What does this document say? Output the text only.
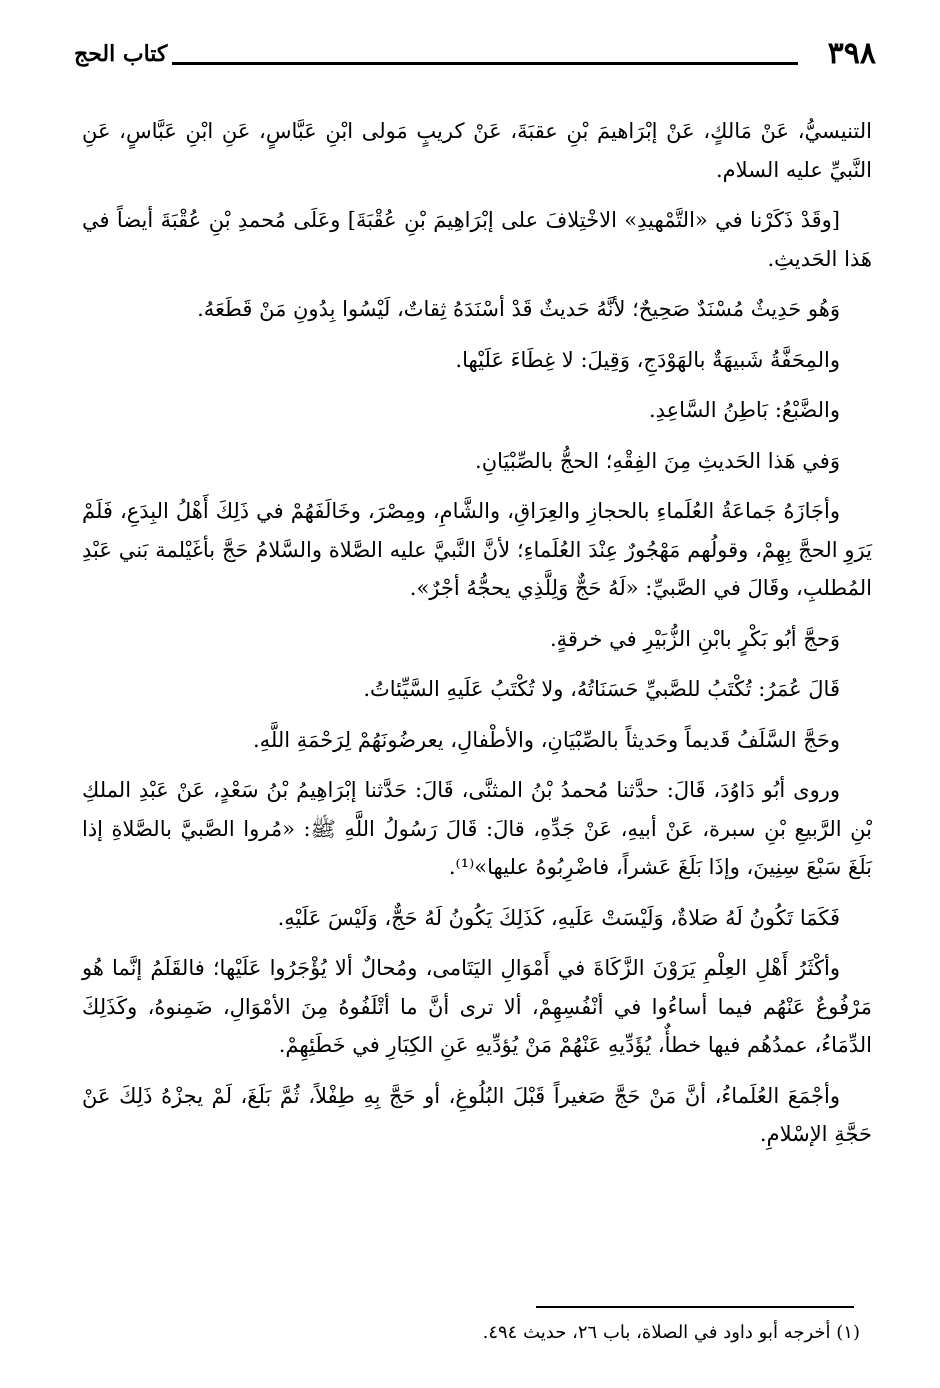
٣٩٨
كتاب الحج

التنيسيُّ، عَنْ مَالكٍ، عَنْ إبْرَاهيمَ بْنِ عقبَةَ، عَنْ كريبٍ مَولى ابْنِ عَبَّاسٍ، عَنِ ابْنِ عَبَّاسٍ، عَنِ النَّبيِّ عليه السلام.

[وقَدْ ذَكَرْنا في «التَّمْهيدِ» الاخْتِلافَ على إبْرَاهِيمَ بْنِ عُقْبَةَ] وعَلَى مُحمدِ بْنِ عُقْبَةَ أيضاً في هَذا الحَديثِ.

وَهُو حَدِيثٌ مُسْنَدٌ صَحِيحٌ؛ لأنَّهُ حَديثٌ قَدْ أسْنَدَهُ ثِقاتٌ، لَيْسُوا بِدُونِ مَنْ قَطَعَهُ.

والمِحَفَّةُ شَبيهَةٌ بالهَوْدَجِ، وَقِيلَ: لا غِطَاءَ عَلَيْها.

والضَّبْعُ: بَاطِنُ السَّاعِدِ.

وَفي هَذا الحَديثِ مِنَ الفِقْهِ؛ الحجُّ بالصِّبْيَانِ.

وأجَازَهُ جَماعَةُ العُلَماءِ بالحجازِ والعِرَاقِ، والشَّامِ، ومِصْرَ، وخَالَفَهُمْ في ذَلِكَ أَهْلُ البِدَعِ، فَلَمْ يَرَوِ الحجَّ بِهِمْ، وقولُهم مَهْجُورٌ عِنْدَ العُلَماءِ؛ لأنَّ النَّبيَّ عليه الصَّلاة والسَّلامُ حَجَّ بأغَيْلمة بَني عَبْدِ المُطلبِ، وقَالَ في الصَّبيِّ: «لَهُ حَجٌّ وَلِلَّذِي يحجُّهُ أجْرٌ».

وَحجَّ أبُو بَكْرٍ بابْنِ الزُّبَيْرِ في خرقةٍ.

قَالَ عُمَرُ: تُكْتَبُ للصَّبيِّ حَسَنَاتُهُ، ولا تُكْتَبُ عَلَيهِ السَّيِّئاتُ.

وحَجَّ السَّلَفُ قَديماً وحَديثاً بالصِّبْيَانِ، والأطْفالِ، يعرضُونَهُمْ لِرَحْمَةِ اللَّهِ.

وروى أبُو دَاوُدَ، قَالَ: حدَّثنا مُحمدُ بْنُ المثنَّى، قَالَ: حَدَّثنا إبْرَاهِيمُ بْنُ سَعْدٍ، عَنْ عَبْدِ الملكِ بْنِ الرَّبيعِ بْنِ سبرة، عَنْ أبيهِ، عَنْ جَدِّهِ، قالَ: قَالَ رَسُولُ اللَّهِ ﷺ: «مُروا الصَّبيَّ بالصَّلاةِ إذا بَلَغَ سَبْعَ سِنِينَ، وإذَا بَلَغَ عَشراً، فاضْرِبُوهُ عليها»⁽¹⁾.

فَكَمَا تَكُونُ لَهُ صَلاةٌ، وَلَيْسَتْ عَلَيهِ، كَذَلِكَ يَكُونُ لَهُ حَجٌّ، وَلَيْسَ عَلَيْهِ.

وأكْثَرُ أَهْلِ العِلْمِ يَرَوْنَ الزَّكَاةَ في أَمْوَالِ اليَتَامى، ومُحالٌ ألا يُؤْجَرُوا عَلَيْها؛ فالقَلَمُ إنَّما هُو مَرْفُوعٌ عَنْهُم فيما أساءُوا في أنْفُسِهِمْ، ألا ترى أنَّ ما أتْلَفُوهُ مِنَ الأمْوَالِ، ضَمِنوهُ، وكَذَلِكَ الدِّمَاءُ، عمدُهُم فيها خطأٌ، يُؤَدِّيهِ عَنْهُمْ مَنْ يُؤدِّيهِ عَنِ الكِبَارِ في خَطَئِهِمْ.

وأجْمَعَ العُلَماءُ، أنَّ مَنْ حَجَّ صَغيراً قَبْلَ البُلُوغِ، أو حَجَّ بِهِ طِفْلاً، ثُمَّ بَلَغَ، لَمْ يجزْهُ ذَلِكَ عَنْ حَجَّةِ الإسْلامِ.

(١) أخرجه أبو داود في الصلاة، باب ٢٦، حديث ٤٩٤.
